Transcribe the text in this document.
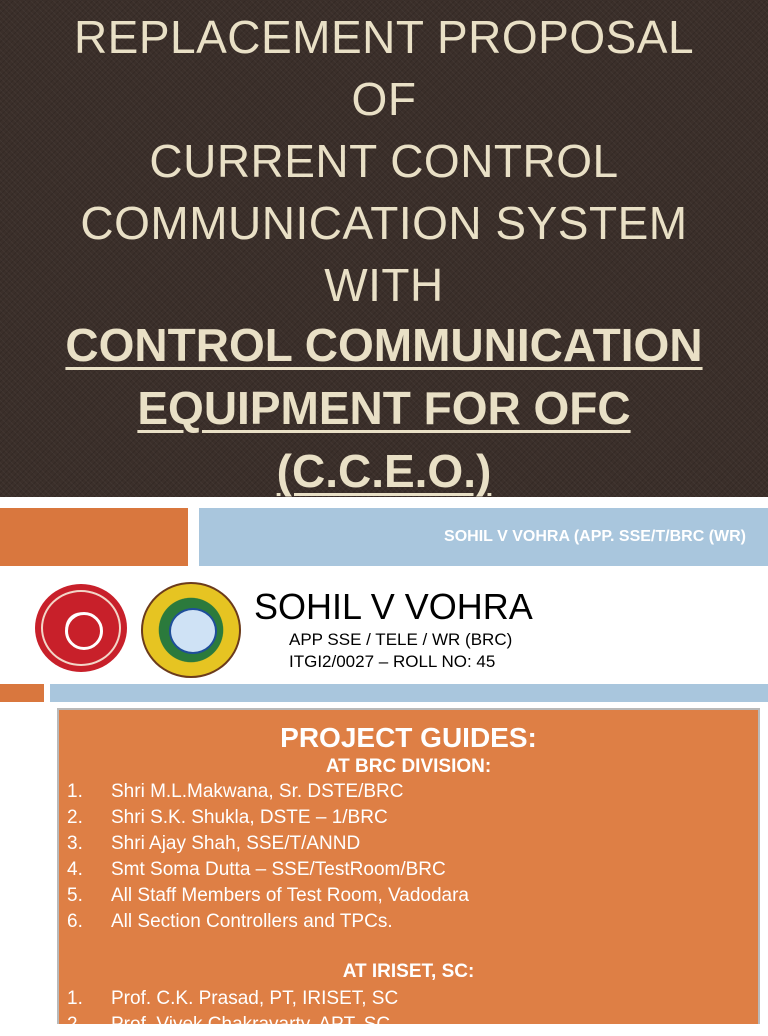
REPLACEMENT PROPOSAL
OF
CURRENT CONTROL
COMMUNICATION SYSTEM
WITH
CONTROL COMMUNICATION
EQUIPMENT FOR OFC
(C.C.E.O.)
SOHIL V VOHRA (APP. SSE/T/BRC (WR)
SOHIL V VOHRA
APP SSE / TELE / WR (BRC)
ITGI2/0027 – ROLL NO: 45
PROJECT GUIDES:
AT BRC DIVISION:
1. Shri M.L.Makwana, Sr. DSTE/BRC
2. Shri S.K. Shukla, DSTE – 1/BRC
3. Shri Ajay Shah, SSE/T/ANND
4. Smt Soma Dutta – SSE/TestRoom/BRC
5. All Staff Members of Test Room, Vadodara
6. All Section Controllers and TPCs.
AT IRISET, SC:
1. Prof. C.K. Prasad, PT, IRISET, SC
2. Prof. Vivek Chakravarty, APT, SC
